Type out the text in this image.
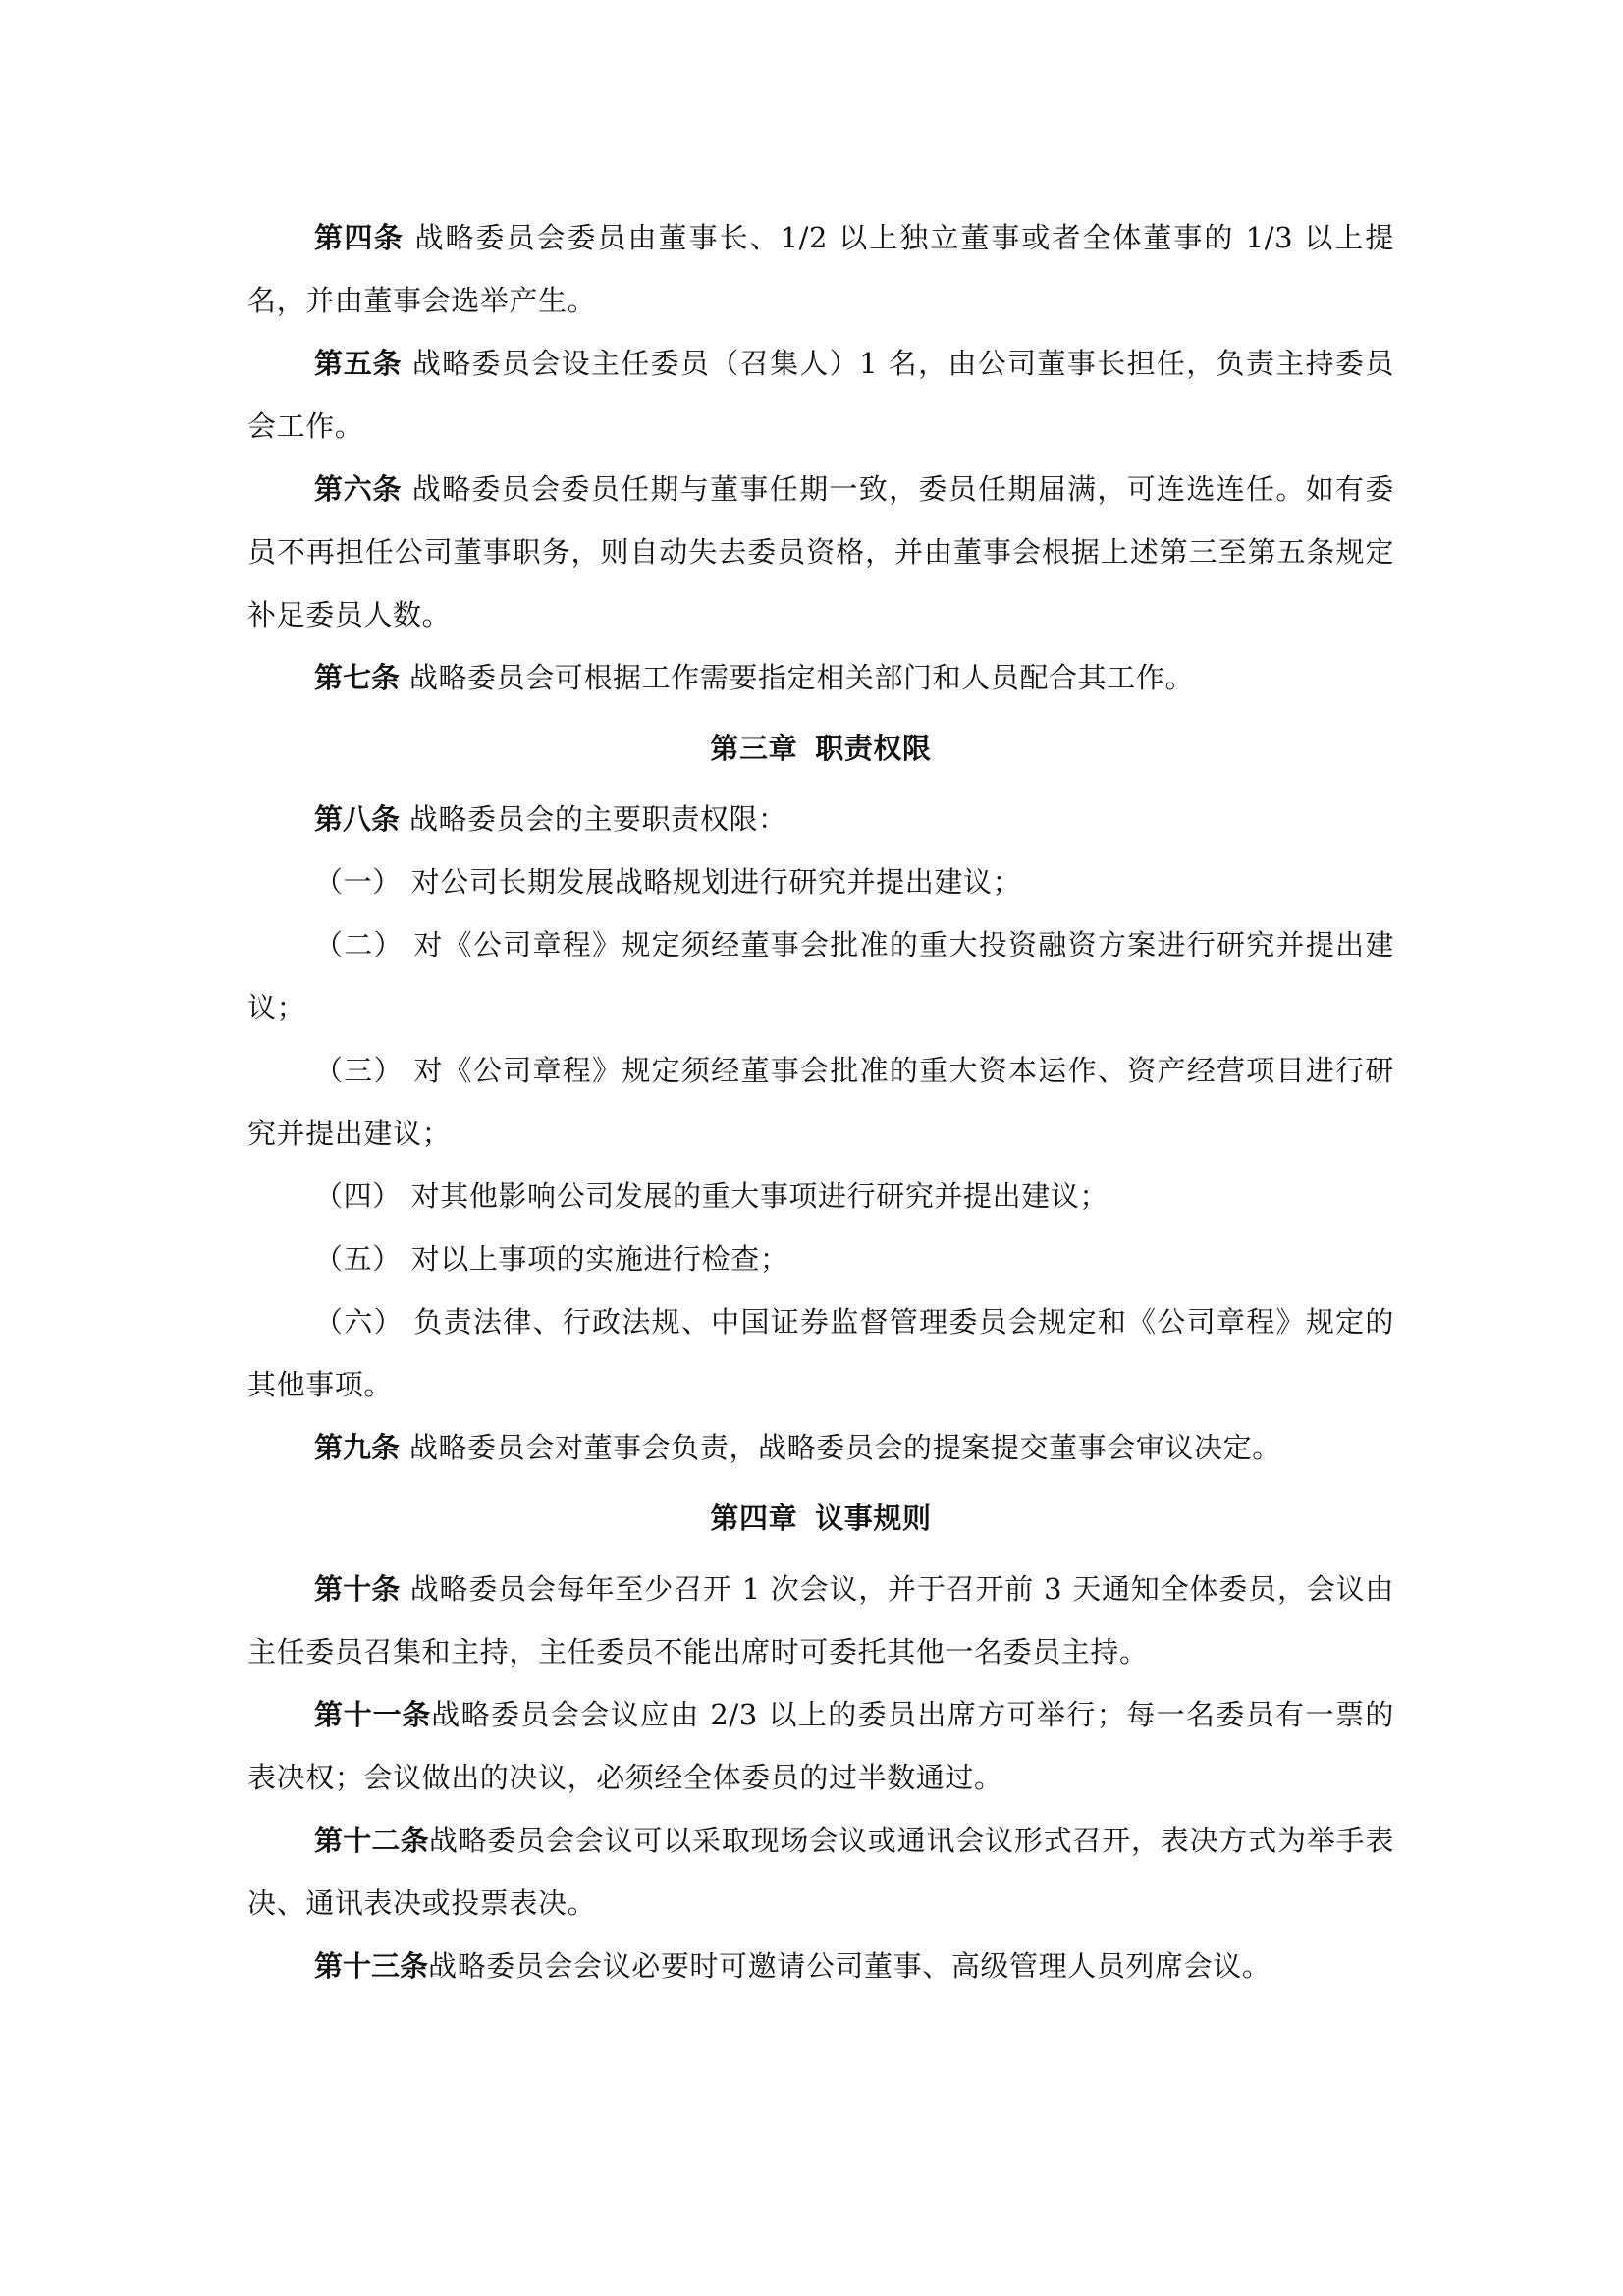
第四条 战略委员会委员由董事长、1/2 以上独立董事或者全体董事的 1/3 以上提名，并由董事会选举产生。

第五条 战略委员会设主任委员（召集人）1 名，由公司董事长担任，负责主持委员会工作。

第六条 战略委员会委员任期与董事任期一致，委员任期届满，可连选连任。如有委员不再担任公司董事职务，则自动失去委员资格，并由董事会根据上述第三至第五条规定补足委员人数。

第七条 战略委员会可根据工作需要指定相关部门和人员配合其工作。

第三章 职责权限

第八条 战略委员会的主要职责权限：

（一） 对公司长期发展战略规划进行研究并提出建议；

（二） 对《公司章程》规定须经董事会批准的重大投资融资方案进行研究并提出建议；

（三） 对《公司章程》规定须经董事会批准的重大资本运作、资产经营项目进行研究并提出建议；

（四） 对其他影响公司发展的重大事项进行研究并提出建议；

（五） 对以上事项的实施进行检查；

（六） 负责法律、行政法规、中国证券监督管理委员会规定和《公司章程》规定的其他事项。

第九条 战略委员会对董事会负责，战略委员会的提案提交董事会审议决定。

第四章 议事规则

第十条 战略委员会每年至少召开 1 次会议，并于召开前 3 天通知全体委员，会议由主任委员召集和主持，主任委员不能出席时可委托其他一名委员主持。

第十一条战略委员会会议应由 2/3 以上的委员出席方可举行；每一名委员有一票的表决权；会议做出的决议，必须经全体委员的过半数通过。

第十二条战略委员会会议可以采取现场会议或通讯会议形式召开，表决方式为举手表决、通讯表决或投票表决。

第十三条战略委员会会议必要时可邀请公司董事、高级管理人员列席会议。
